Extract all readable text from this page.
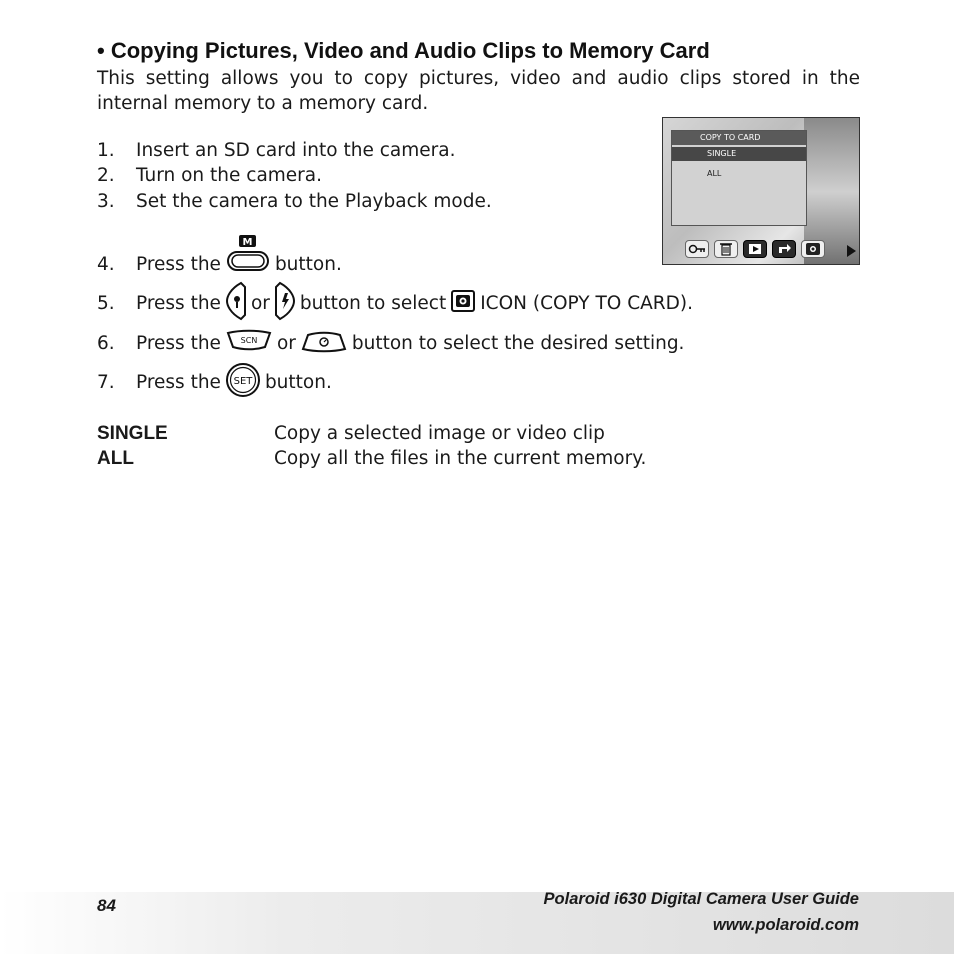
• Copying Pictures, Video and Audio Clips to Memory Card
This setting allows you to copy pictures, video and audio clips stored in the internal memory to a memory card.
COPY TO CARD
SINGLE
ALL
1.	Insert an SD card into the camera.
2.	Turn on the camera.
3.	Set the camera to the Playback mode.
4.	Press the
M
button.
5.	Press the or button to select ICON (COPY TO CARD).
6.	Press the SCN or	button to select the desired setting.
7.	Press the SET button.
SINGLE	Copy a selected image or video clip
ALL	Copy all the files in the current memory.
84	Polaroid i630 Digital Camera User Guide
www.polaroid.com
